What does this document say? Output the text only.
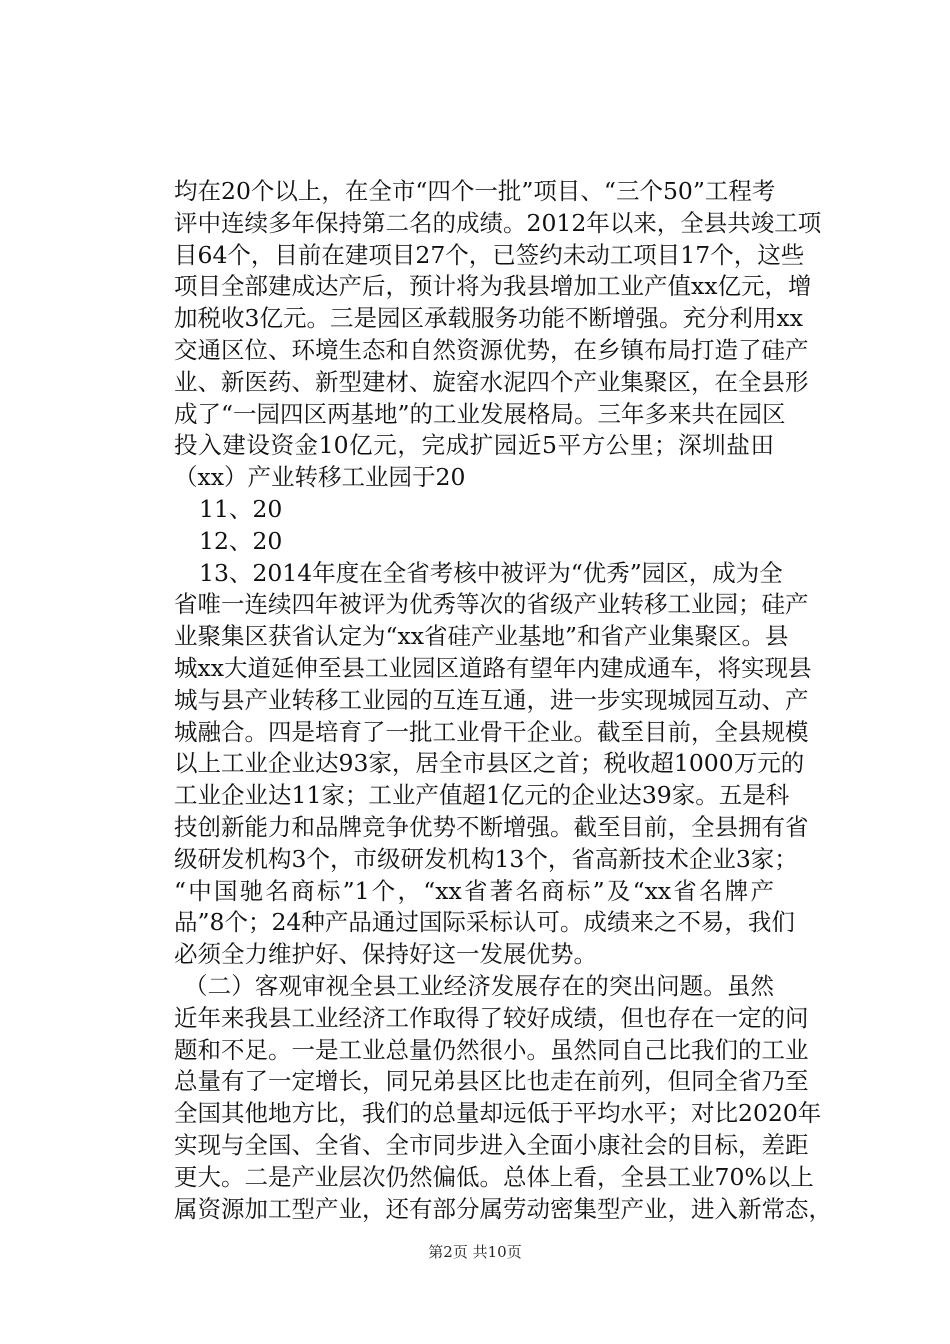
均在20个以上，在全市“四个一批”项目、“三个50”工程考
评中连续多年保持第二名的成绩。2012年以来，全县共竣工项
目64个，目前在建项目27个，已签约未动工项目17个，这些
项目全部建成达产后，预计将为我县增加工业产值xx亿元，增
加税收3亿元。三是园区承载服务功能不断增强。充分利用xx
交通区位、环境生态和自然资源优势，在乡镇布局打造了硅产
业、新医药、新型建材、旋窑水泥四个产业集聚区，在全县形
成了“一园四区两基地”的工业发展格局。三年多来共在园区
投入建设资金10亿元，完成扩园近5平方公里；深圳盐田
（xx）产业转移工业园于20
11、20
12、20
13、2014年度在全省考核中被评为“优秀”园区，成为全
省唯一连续四年被评为优秀等次的省级产业转移工业园；硅产
业聚集区获省认定为“xx省硅产业基地”和省产业集聚区。县
城xx大道延伸至县工业园区道路有望年内建成通车，将实现县
城与县产业转移工业园的互连互通，进一步实现城园互动、产
城融合。四是培育了一批工业骨干企业。截至目前，全县规模
以上工业企业达93家，居全市县区之首；税收超1000万元的
工业企业达11家；工业产值超1亿元的企业达39家。五是科
技创新能力和品牌竞争优势不断增强。截至目前，全县拥有省
级研发机构3个，市级研发机构13个，省高新技术企业3家；
“中国驰名商标”1个，“xx省著名商标”及“xx省名牌产
品”8个；24种产品通过国际采标认可。成绩来之不易，我们
必须全力维护好、保持好这一发展优势。
（二）客观审视全县工业经济发展存在的突出问题。虽然
近年来我县工业经济工作取得了较好成绩，但也存在一定的问
题和不足。一是工业总量仍然很小。虽然同自己比我们的工业
总量有了一定增长，同兄弟县区比也走在前列，但同全省乃至
全国其他地方比，我们的总量却远低于平均水平；对比2020年
实现与全国、全省、全市同步进入全面小康社会的目标，差距
更大。二是产业层次仍然偏低。总体上看，全县工业70%以上
属资源加工型产业，还有部分属劳动密集型产业，进入新常态，
第2页 共10页
